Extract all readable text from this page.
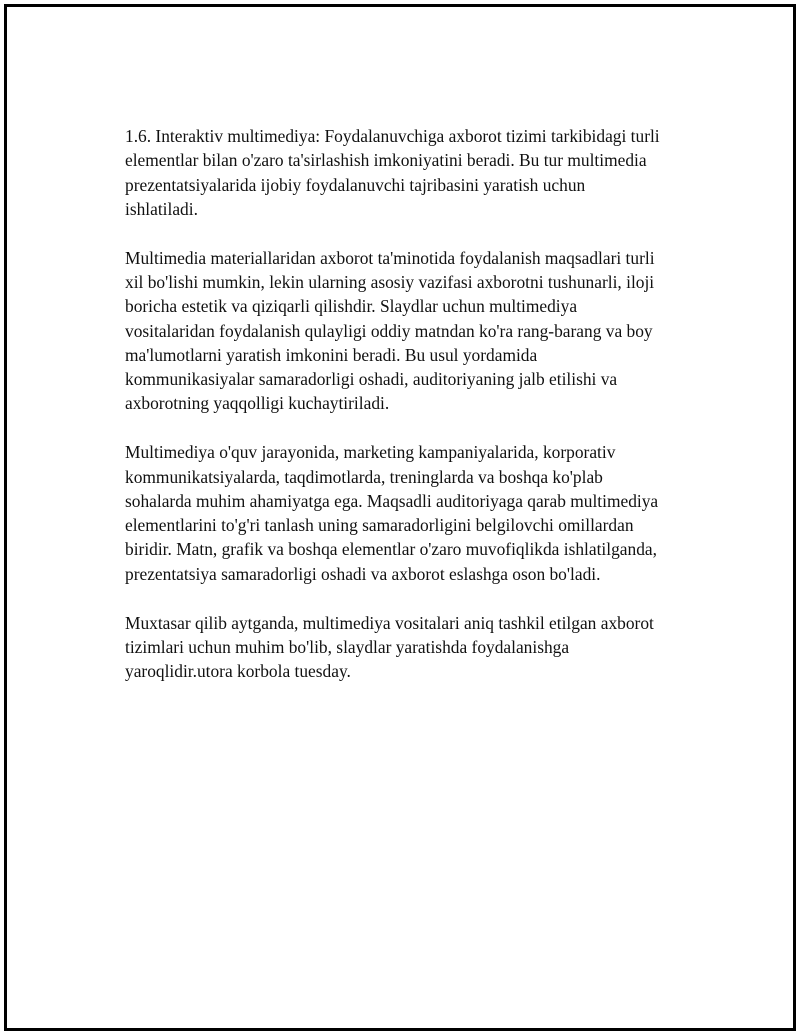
1.6. Interaktiv multimediya: Foydalanuvchiga axborot tizimi tarkibidagi turli
elementlar bilan o'zaro ta'sirlashish imkoniyatini beradi. Bu tur multimedia
prezentatsiyalarida ijobiy foydalanuvchi tajribasini yaratish uchun
ishlatiladi.

Multimedia materiallaridan axborot ta'minotida foydalanish maqsadlari turli
xil bo'lishi mumkin, lekin ularning asosiy vazifasi axborotni tushunarli, iloji
boricha estetik va qiziqarli qilishdir. Slaydlar uchun multimediya
vositalaridan foydalanish qulayligi oddiy matndan ko'ra rang-barang va boy
ma'lumotlarni yaratish imkonini beradi. Bu usul yordamida
kommunikasiyalar samaradorligi oshadi, auditoriyaning jalb etilishi va
axborotning yaqqolligi kuchaytiriladi.

Multimediya o'quv jarayonida, marketing kampaniyalarida, korporativ
kommunikatsiyalarda, taqdimotlarda, treninglarda va boshqa ko'plab
sohalarda muhim ahamiyatga ega. Maqsadli auditoriyaga qarab multimediya
elementlarini to'g'ri tanlash uning samaradorligini belgilovchi omillardan
biridir. Matn, grafik va boshqa elementlar o'zaro muvofiqlikda ishlatilganda,
prezentatsiya samaradorligi oshadi va axborot eslashga oson bo'ladi.

Muxtasar qilib aytganda, multimediya vositalari aniq tashkil etilgan axborot
tizimlari uchun muhim bo'lib, slaydlar yaratishda foydalanishga
yaroqlidir.utora korbola tuesday.
